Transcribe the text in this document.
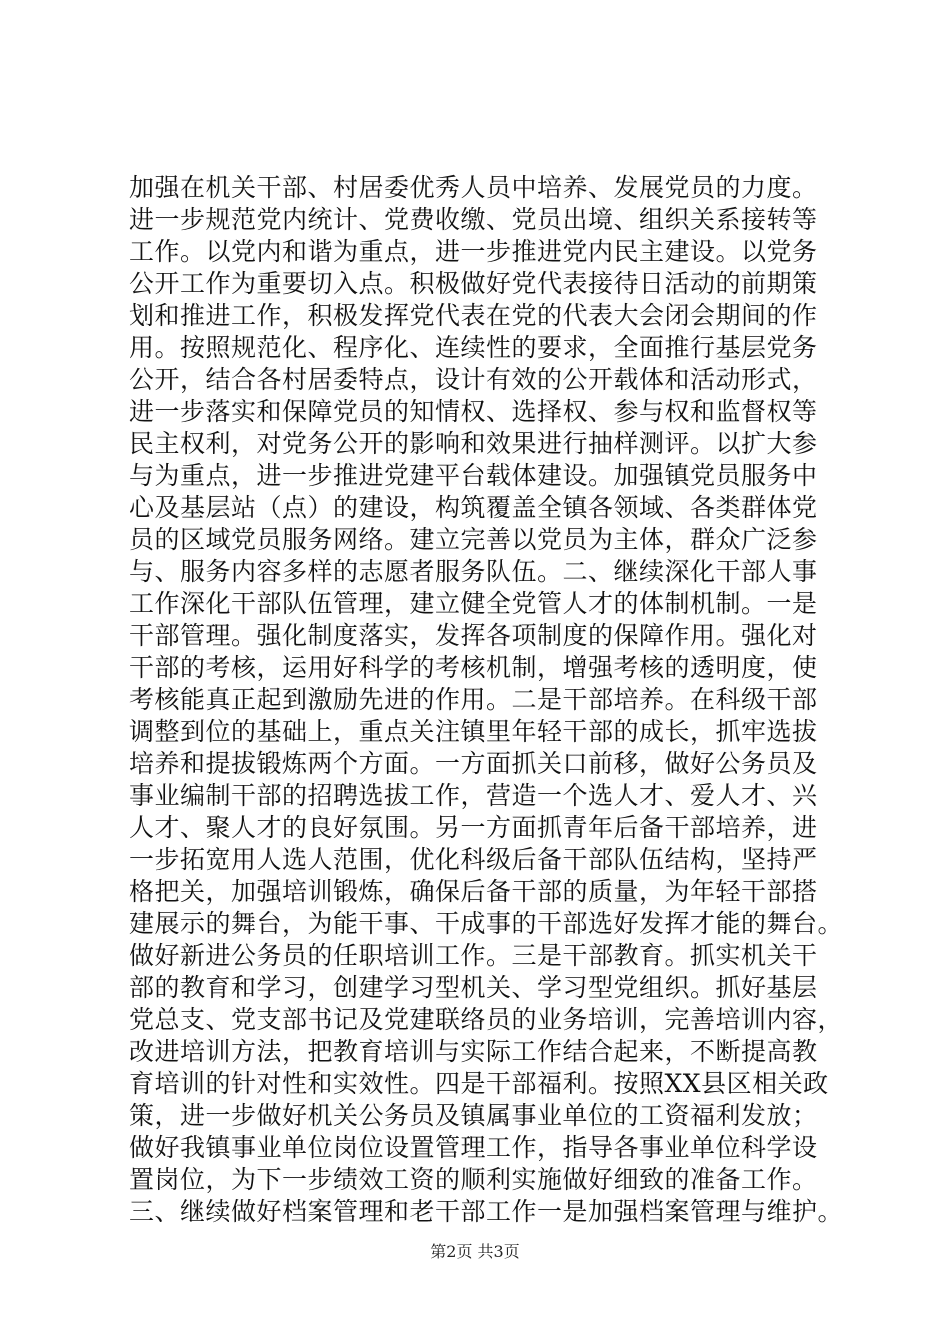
加强在机关干部、村居委优秀人员中培养、发展党员的力度。
进一步规范党内统计、党费收缴、党员出境、组织关系接转等
工作。以党内和谐为重点，进一步推进党内民主建设。以党务
公开工作为重要切入点。积极做好党代表接待日活动的前期策
划和推进工作，积极发挥党代表在党的代表大会闭会期间的作
用。按照规范化、程序化、连续性的要求，全面推行基层党务
公开，结合各村居委特点，设计有效的公开载体和活动形式，
进一步落实和保障党员的知情权、选择权、参与权和监督权等
民主权利，对党务公开的影响和效果进行抽样测评。以扩大参
与为重点，进一步推进党建平台载体建设。加强镇党员服务中
心及基层站（点）的建设，构筑覆盖全镇各领域、各类群体党
员的区域党员服务网络。建立完善以党员为主体，群众广泛参
与、服务内容多样的志愿者服务队伍。二、继续深化干部人事
工作深化干部队伍管理，建立健全党管人才的体制机制。一是
干部管理。强化制度落实，发挥各项制度的保障作用。强化对
干部的考核，运用好科学的考核机制，增强考核的透明度，使
考核能真正起到激励先进的作用。二是干部培养。在科级干部
调整到位的基础上，重点关注镇里年轻干部的成长，抓牢选拔
培养和提拔锻炼两个方面。一方面抓关口前移，做好公务员及
事业编制干部的招聘选拔工作，营造一个选人才、爱人才、兴
人才、聚人才的良好氛围。另一方面抓青年后备干部培养，进
一步拓宽用人选人范围，优化科级后备干部队伍结构，坚持严
格把关，加强培训锻炼，确保后备干部的质量，为年轻干部搭
建展示的舞台，为能干事、干成事的干部选好发挥才能的舞台。
做好新进公务员的任职培训工作。三是干部教育。抓实机关干
部的教育和学习，创建学习型机关、学习型党组织。抓好基层
党总支、党支部书记及党建联络员的业务培训，完善培训内容，
改进培训方法，把教育培训与实际工作结合起来，不断提高教
育培训的针对性和实效性。四是干部福利。按照XX县区相关政
策，进一步做好机关公务员及镇属事业单位的工资福利发放；
做好我镇事业单位岗位设置管理工作，指导各事业单位科学设
置岗位，为下一步绩效工资的顺利实施做好细致的准备工作。
三、继续做好档案管理和老干部工作一是加强档案管理与维护。
第2页 共3页
